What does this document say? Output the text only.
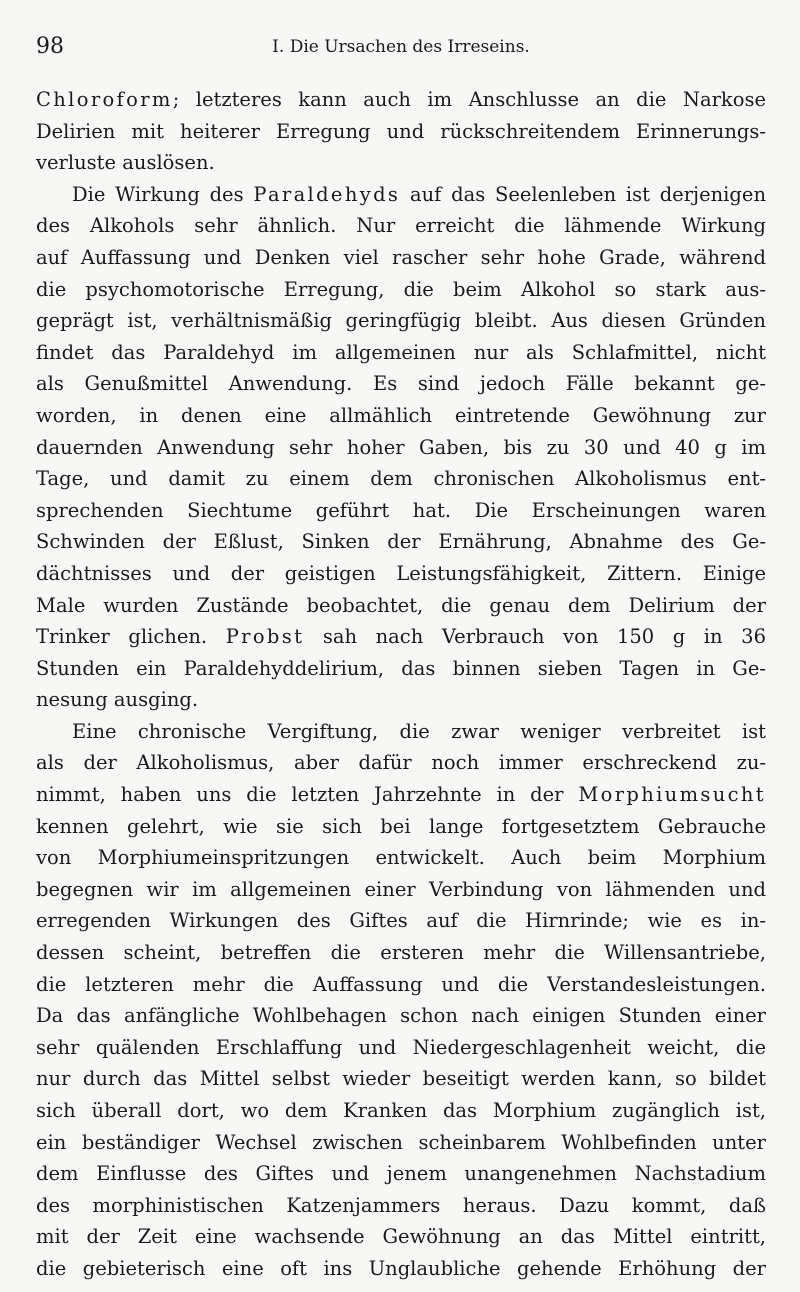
98	I. Die Ursachen des Irreseins.
Chloroform; letzteres kann auch im Anschlusse an die Narkose
Delirien mit heiterer Erregung und rückschreitendem Erinnerungs-
verluste auslösen.
Die Wirkung des Paraldehyds auf das Seelenleben ist derjenigen
des Alkohols sehr ähnlich. Nur erreicht die lähmende Wirkung
auf Auffassung und Denken viel rascher sehr hohe Grade, während
die psychomotorische Erregung, die beim Alkohol so stark aus-
geprägt ist, verhältnismäßig geringfügig bleibt. Aus diesen Gründen
findet das Paraldehyd im allgemeinen nur als Schlafmittel, nicht
als Genußmittel Anwendung. Es sind jedoch Fälle bekannt ge-
worden, in denen eine allmählich eintretende Gewöhnung zur
dauernden Anwendung sehr hoher Gaben, bis zu 30 und 40 g im
Tage, und damit zu einem dem chronischen Alkoholismus ent-
sprechenden Siechtume geführt hat. Die Erscheinungen waren
Schwinden der Eßlust, Sinken der Ernährung, Abnahme des Ge-
dächtnisses und der geistigen Leistungsfähigkeit, Zittern. Einige
Male wurden Zustände beobachtet, die genau dem Delirium der
Trinker glichen. Probst sah nach Verbrauch von 150 g in 36
Stunden ein Paraldehyddelirium, das binnen sieben Tagen in Ge-
nesung ausging.
Eine chronische Vergiftung, die zwar weniger verbreitet ist
als der Alkoholismus, aber dafür noch immer erschreckend zu-
nimmt, haben uns die letzten Jahrzehnte in der Morphiumsucht
kennen gelehrt, wie sie sich bei lange fortgesetztem Gebrauche
von Morphiumeinspritzungen entwickelt. Auch beim Morphium
begegnen wir im allgemeinen einer Verbindung von lähmenden und
erregenden Wirkungen des Giftes auf die Hirnrinde; wie es in-
dessen scheint, betreffen die ersteren mehr die Willensantriebe,
die letzteren mehr die Auffassung und die Verstandesleistungen.
Da das anfängliche Wohlbehagen schon nach einigen Stunden einer
sehr quälenden Erschlaffung und Niedergeschlagenheit weicht, die
nur durch das Mittel selbst wieder beseitigt werden kann, so bildet
sich überall dort, wo dem Kranken das Morphium zugänglich ist,
ein beständiger Wechsel zwischen scheinbarem Wohlbefinden unter
dem Einflusse des Giftes und jenem unangenehmen Nachstadium
des morphinistischen Katzenjammers heraus. Dazu kommt, daß
mit der Zeit eine wachsende Gewöhnung an das Mittel eintritt,
die gebieterisch eine oft ins Unglaubliche gehende Erhöhung der
